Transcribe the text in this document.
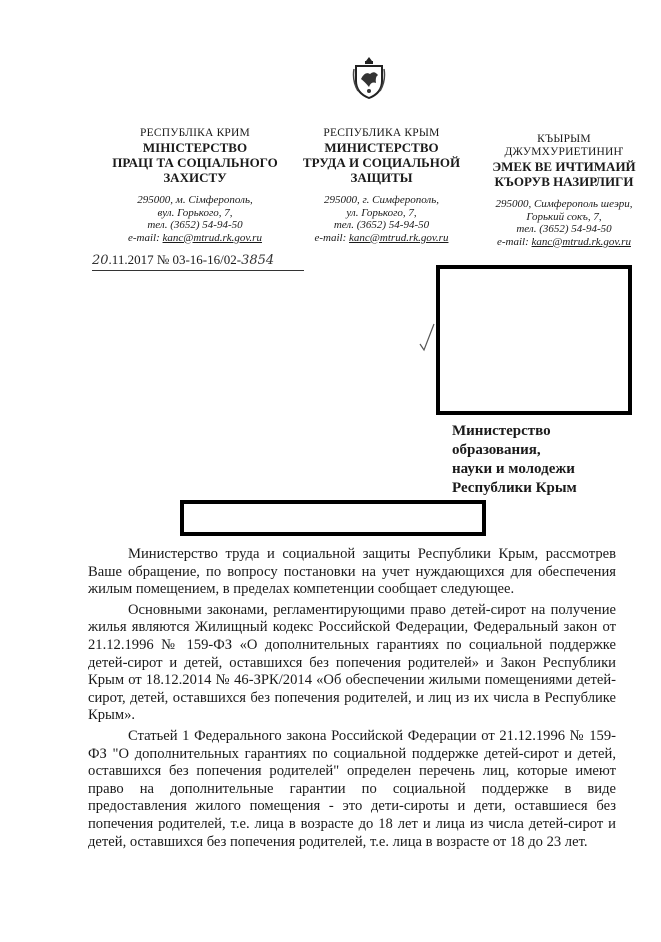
РЕСПУБЛІКА КРИМ
МІНІСТЕРСТВО
ПРАЦІ ТА СОЦІАЛЬНОГО
ЗАХИСТУ
295000, м. Сімферополь,
вул. Горького, 7,
тел. (3652) 54-94-50
e-mail: kanc@mtrud.rk.gov.ru
РЕСПУБЛИКА КРЫМ
МИНИСТЕРСТВО
ТРУДА И СОЦИАЛЬНОЙ
ЗАЩИТЫ
295000, г. Симферополь,
ул. Горького, 7,
тел. (3652) 54-94-50
e-mail: kanc@mtrud.rk.gov.ru
КЪЫРЫМ
ДЖУМХУРИЕТИНИҤ
ЭМЕК ВЕ ИЧТИМАИЙ
КЪОРУВ НАЗИРЛИГИ
295000, Симферополь шеэри,
Горький сокъ, 7,
тел. (3652) 54-94-50
e-mail: kanc@mtrud.rk.gov.ru
20.11.2017 № 03-16-16/02-3854
Министерство
образования,
науки и молодежи
Республики Крым

Министерство труда и социальной защиты Республики Крым, рассмотрев Ваше обращение, по вопросу постановки на учет нуждающихся для обеспечения жилым помещением, в пределах компетенции сообщает следующее.

Основными законами, регламентирующими право детей-сирот на получение жилья являются Жилищный кодекс Российской Федерации, Федеральный закон от 21.12.1996 № 159-ФЗ «О дополнительных гарантиях по социальной поддержке детей-сирот и детей, оставшихся без попечения родителей» и Закон Республики Крым от 18.12.2014 № 46-ЗРК/2014 «Об обеспечении жилыми помещениями детей-сирот, детей, оставшихся без попечения родителей, и лиц из их числа в Республике Крым».

Статьей 1 Федерального закона Российской Федерации от 21.12.1996 № 159-ФЗ "О дополнительных гарантиях по социальной поддержке детей-сирот и детей, оставшихся без попечения родителей" определен перечень лиц, которые имеют право на дополнительные гарантии по социальной поддержке в виде предоставления жилого помещения - это дети-сироты и дети, оставшиеся без попечения родителей, т.е. лица в возрасте до 18 лет и лица из числа детей-сирот и детей, оставшихся без попечения родителей, т.е. лица в возрасте от 18 до 23 лет.
